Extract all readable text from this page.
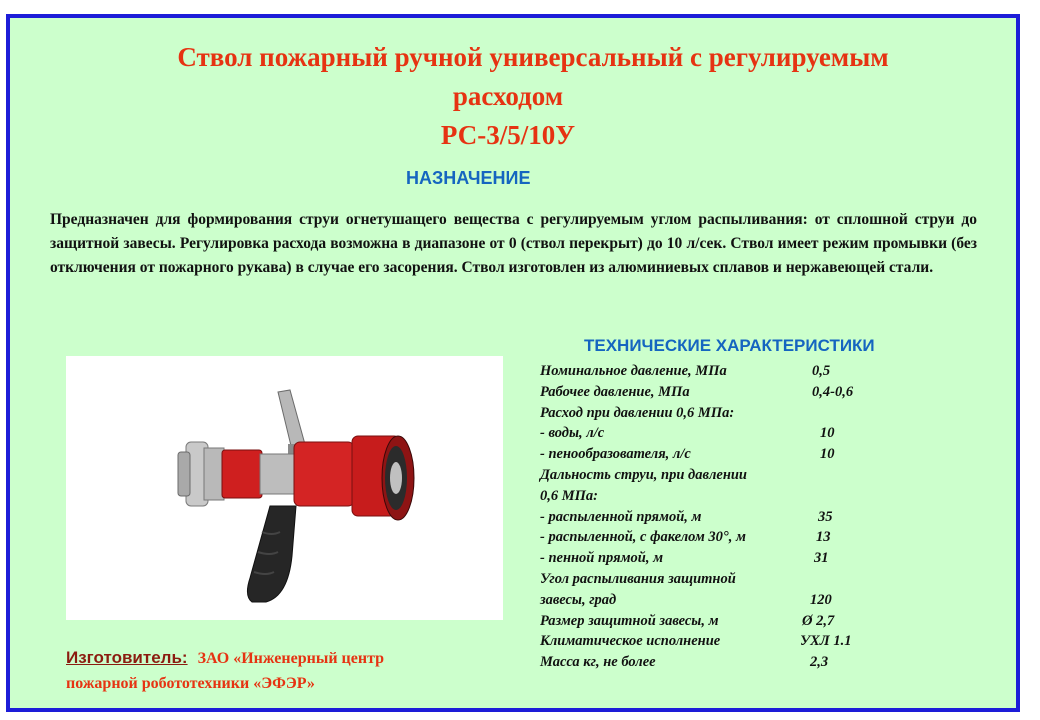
Ствол пожарный ручной универсальный с регулируемым
расходом
РС-3/5/10У
НАЗНАЧЕНИЕ
Предназначен для формирования струи огнетушащего вещества с регулируемым углом распыливания: от сплошной струи до защитной завесы. Регулировка расхода возможна в диапазоне от 0 (ствол перекрыт) до 10 л/сек. Ствол имеет режим промывки (без отключения от пожарного рукава) в случае его засорения. Ствол изготовлен из алюминиевых сплавов и нержавеющей стали.
Изготовитель: ЗАО «Инженерный центр
пожарной робототехники «ЭФЭР»
ТЕХНИЧЕСКИЕ ХАРАКТЕРИСТИКИ
Номинальное давление, МПа	0,5
Рабочее давление, МПа	0,4-0,6
Расход при давлении 0,6 МПа:
- воды, л/с	10
- пенообразователя, л/с	10
Дальность струи, при давлении
0,6 МПа:
- распыленной прямой, м	35
- распыленной, с факелом 30°, м	13
- пенной прямой, м	31
Угол распыливания защитной
завесы, град	120
Размер защитной завесы, м	Ø 2,7
Климатическое исполнение	УХЛ 1.1
Масса кг, не более	2,3
